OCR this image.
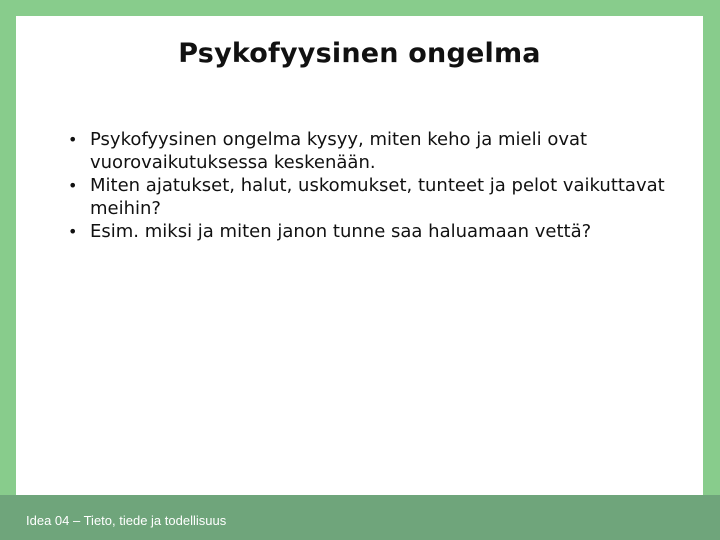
Psykofyysinen ongelma
• Psykofyysinen ongelma kysyy, miten keho ja mieli ovat vuorovaikutuksessa keskenään.
• Miten ajatukset, halut, uskomukset, tunteet ja pelot vaikuttavat meihin?
• Esim. miksi ja miten janon tunne saa haluamaan vettä?
Idea 04 – Tieto, tiede ja todellisuus
